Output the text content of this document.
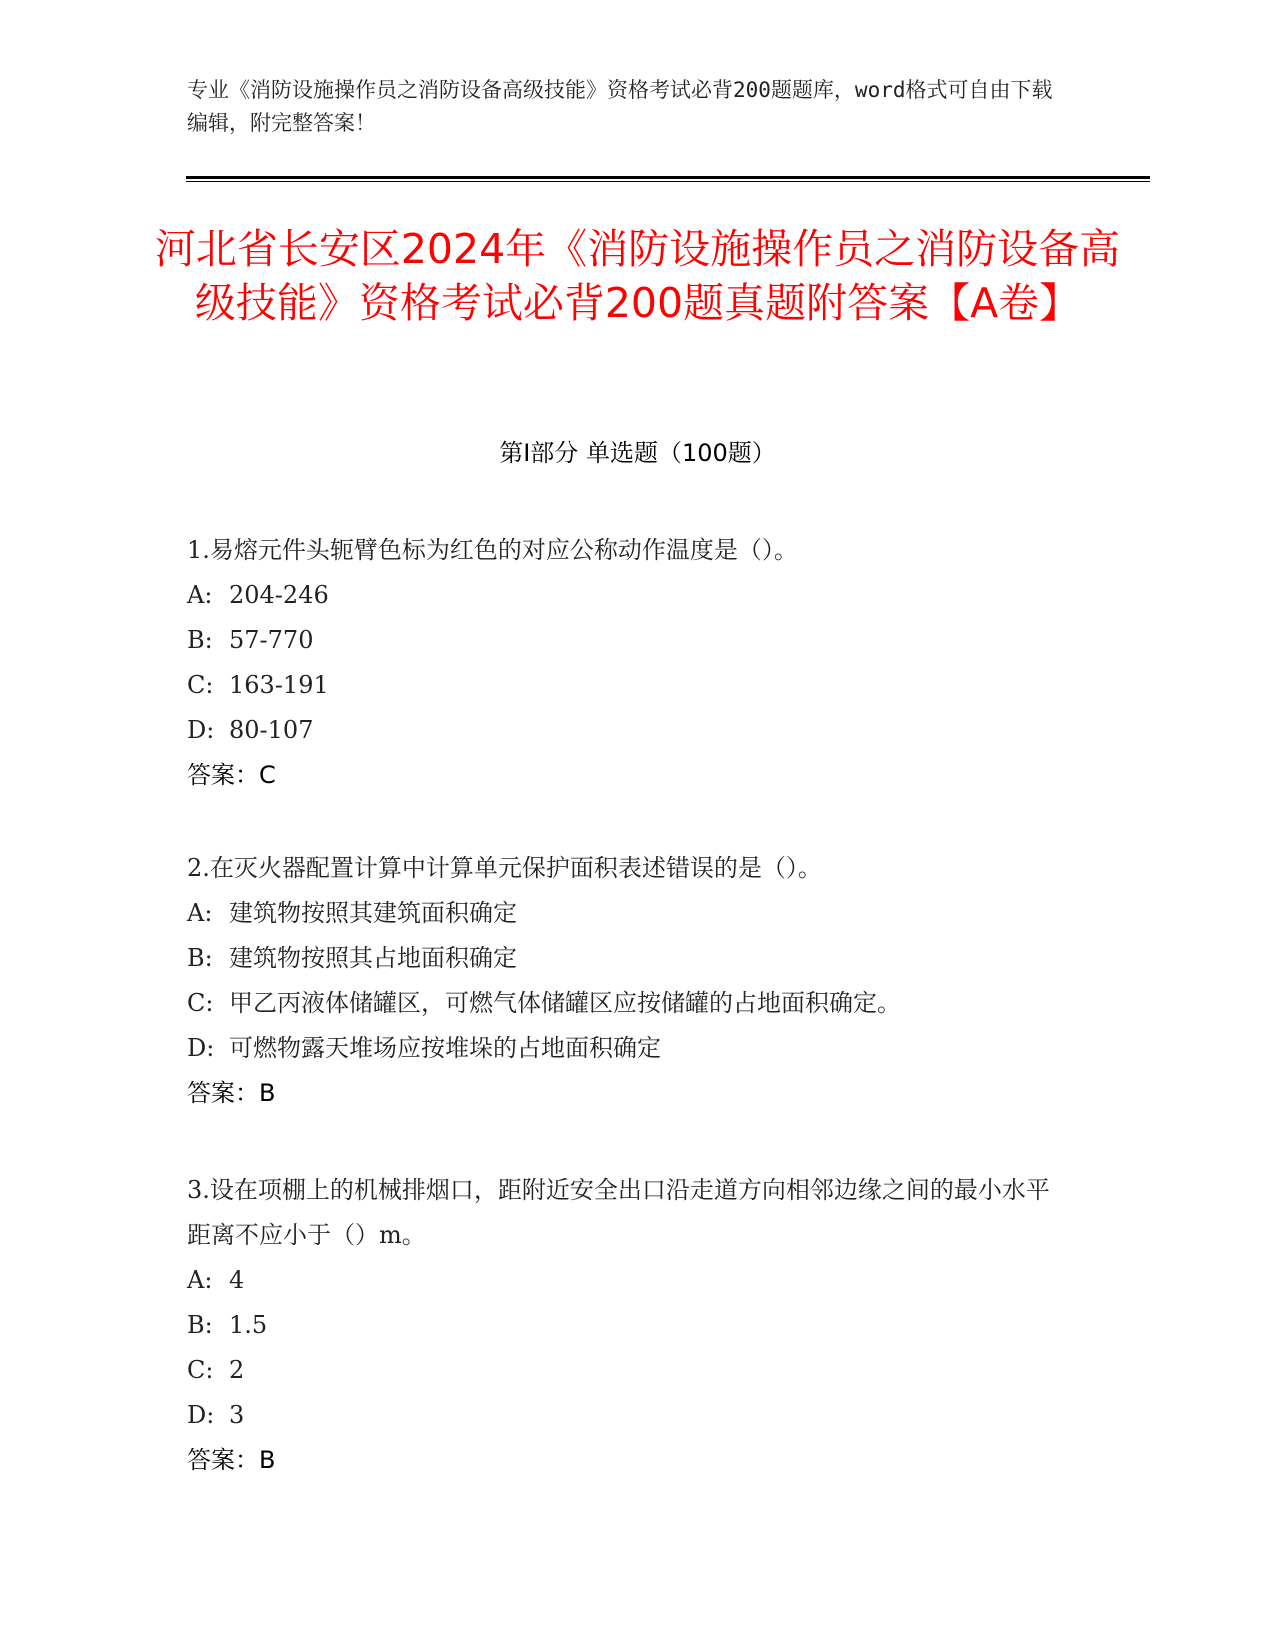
专业《消防设施操作员之消防设备高级技能》资格考试必背200题题库，word格式可自由下载编辑，附完整答案！

河北省长安区2024年《消防设施操作员之消防设备高级技能》资格考试必背200题真题附答案【A卷】
第Ⅰ部分 单选题（100题）

1.易熔元件头轭臂色标为红色的对应公称动作温度是（）。

A: 204-246

B: 57-770

C: 163-191

D: 80-107

答案：C

2.在灭火器配置计算中计算单元保护面积表述错误的是（）。

A: 建筑物按照其建筑面积确定

B: 建筑物按照其占地面积确定

C: 甲乙丙液体储罐区，可燃气体储罐区应按储罐的占地面积确定。

D: 可燃物露天堆场应按堆垛的占地面积确定

答案：B

3.设在项棚上的机械排烟口，距附近安全出口沿走道方向相邻边缘之间的最小水平距离不应小于（）m。

A: 4

B: 1.5

C: 2

D: 3

答案：B
